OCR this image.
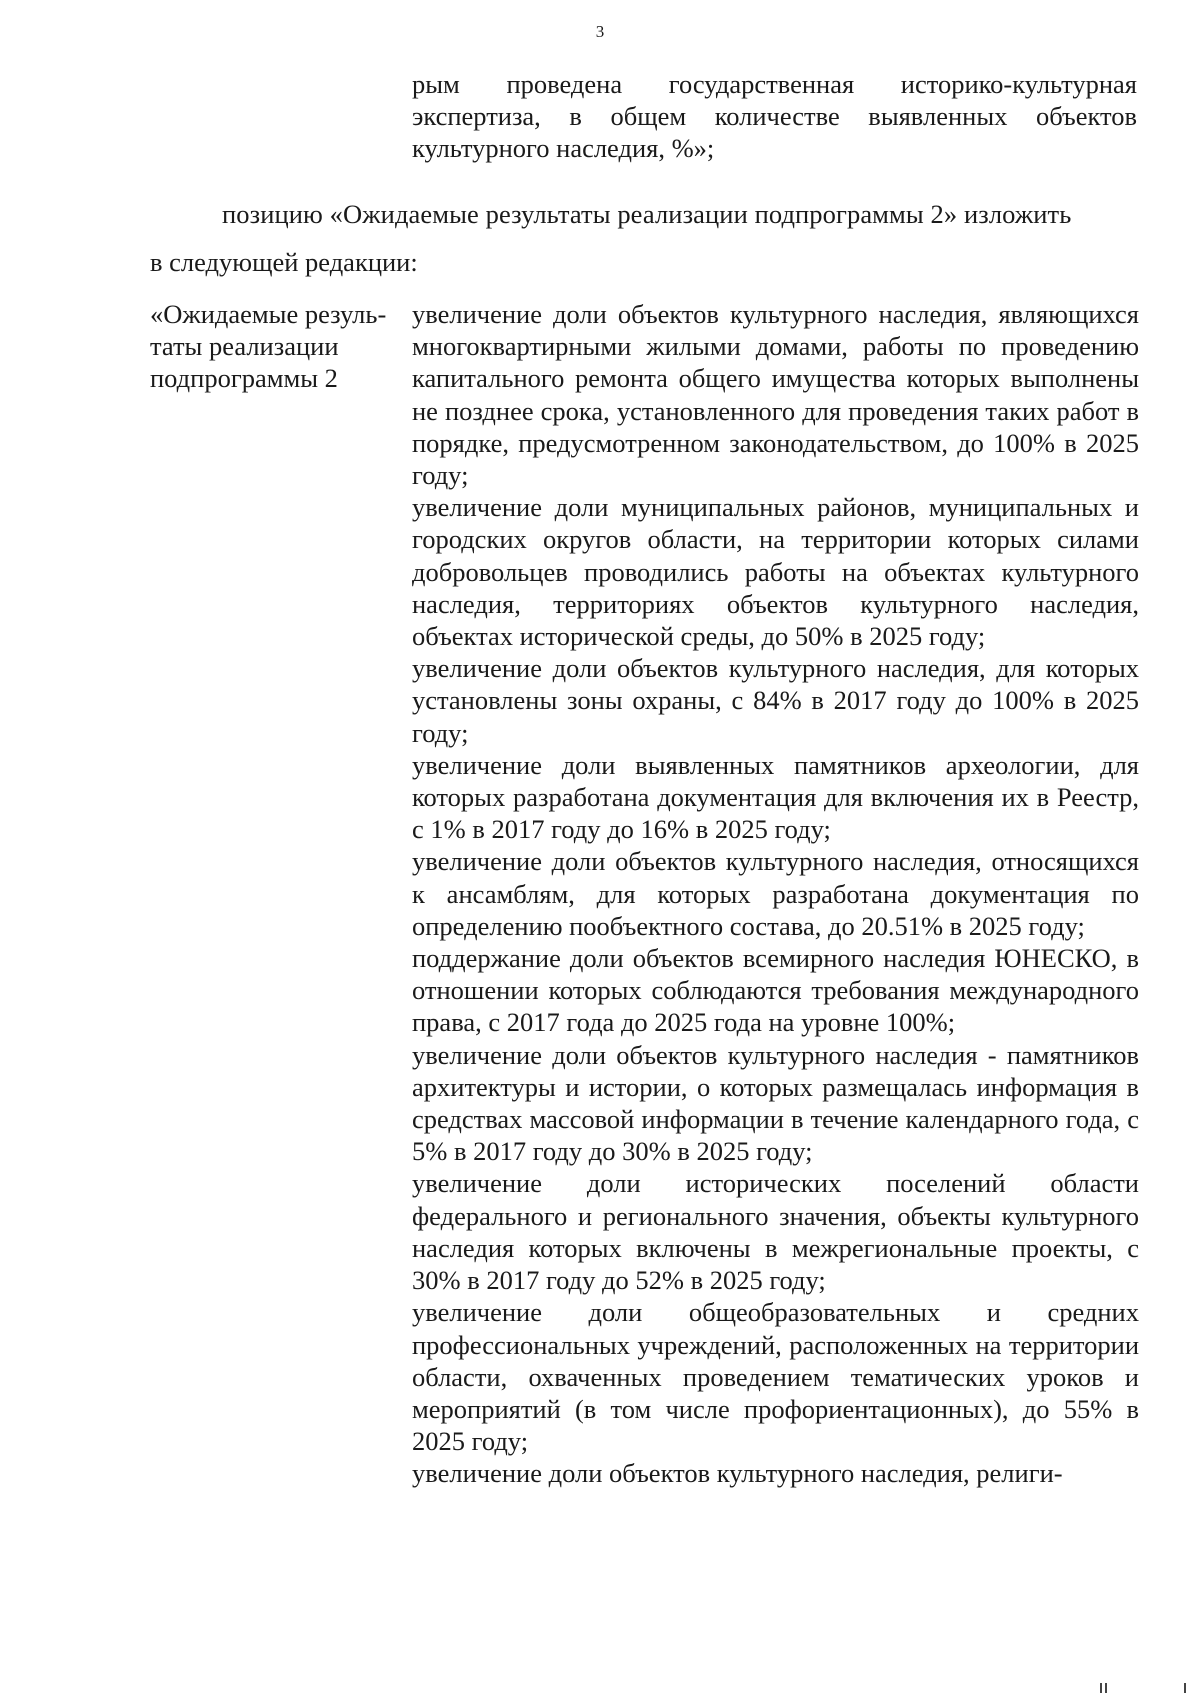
3
рым проведена государственная историко-культурная экспертиза, в общем количестве выявленных объектов культурного наследия, %»;
позицию «Ожидаемые результаты реализации подпрограммы 2» изложить
в следующей редакции:
«Ожидаемые резуль-
таты реализации
подпрограммы 2

увеличение доли объектов культурного наследия, являющихся многоквартирными жилыми домами, работы по проведению капитального ремонта общего имущества которых выполнены не позднее срока, установленного для проведения таких работ в порядке, предусмотренном законодательством, до 100% в 2025 году;

увеличение доли муниципальных районов, муниципальных и городских округов области, на территории которых силами добровольцев проводились работы на объектах культурного наследия, территориях объектов культурного наследия, объектах исторической среды, до 50% в 2025 году;

увеличение доли объектов культурного наследия, для которых установлены зоны охраны, с 84% в 2017 году до 100% в 2025 году;

увеличение доли выявленных памятников археологии, для которых разработана документация для включения их в Реестр, с 1% в 2017 году до 16% в 2025 году;

увеличение доли объектов культурного наследия, относящихся к ансамблям, для которых разработана документация по определению пообъектного состава, до 20.51% в 2025 году;

поддержание доли объектов всемирного наследия ЮНЕСКО, в отношении которых соблюдаются требования международного права, с 2017 года до 2025 года на уровне 100%;

увеличение доли объектов культурного наследия - памятников архитектуры и истории, о которых размещалась информация в средствах массовой информации в течение календарного года, с 5% в 2017 году до 30% в 2025 году;

увеличение доли исторических поселений области федерального и регионального значения, объекты культурного наследия которых включены в межрегиональные проекты, с 30% в 2017 году до 52% в 2025 году;

увеличение доли общеобразовательных и средних профессиональных учреждений, расположенных на территории области, охваченных проведением тематических уроков и мероприятий (в том числе профориентационных), до 55% в 2025 году;

увеличение доли объектов культурного наследия, религи-
